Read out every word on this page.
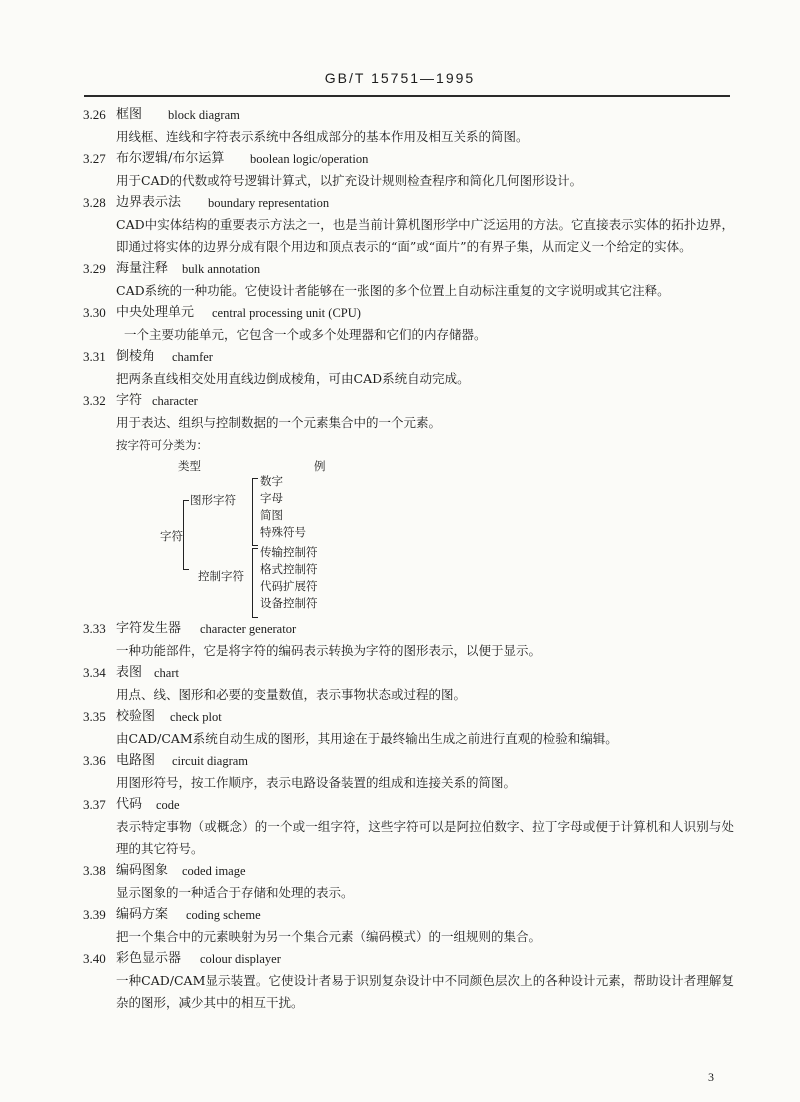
GB/T 15751—1995
3.26 框图 block diagram
用线框、连线和字符表示系统中各组成部分的基本作用及相互关系的简图。
3.27 布尔逻辑/布尔运算 boolean logic/operation
用于CAD的代数或符号逻辑计算式，以扩充设计规则检查程序和简化几何图形设计。
3.28 边界表示法 boundary representation
CAD中实体结构的重要表示方法之一，也是当前计算机图形学中广泛运用的方法。它直接表示实体的拓扑边界，即通过将实体的边界分成有限个用边和顶点表示的“面”或“面片”的有界子集，从而定义一个给定的实体。
3.29 海量注释 bulk annotation
CAD系统的一种功能。它使设计者能够在一张图的多个位置上自动标注重复的文字说明或其它注释。
3.30 中央处理单元 central processing unit (CPU)
一个主要功能单元，它包含一个或多个处理器和它们的内存储器。
3.31 倒棱角 chamfer
把两条直线相交处用直线边倒成棱角，可由CAD系统自动完成。
3.32 字符 character
用于表达、组织与控制数据的一个元素集合中的一个元素。
按字符可分类为：
类型	例
字符
图形字符
数字
字母
简图
特殊符号
控制字符
传输控制符
格式控制符
代码扩展符
设备控制符
3.33 字符发生器 character generator
一种功能部件，它是将字符的编码表示转换为字符的图形表示，以便于显示。
3.34 表图 chart
用点、线、图形和必要的变量数值，表示事物状态或过程的图。
3.35 校验图 check plot
由CAD/CAM系统自动生成的图形，其用途在于最终输出生成之前进行直观的检验和编辑。
3.36 电路图 circuit diagram
用图形符号，按工作顺序，表示电路设备装置的组成和连接关系的简图。
3.37 代码 code
表示特定事物（或概念）的一个或一组字符，这些字符可以是阿拉伯数字、拉丁字母或便于计算机和人识别与处理的其它符号。
3.38 编码图象 coded image
显示图象的一种适合于存储和处理的表示。
3.39 编码方案 coding scheme
把一个集合中的元素映射为另一个集合元素（编码模式）的一组规则的集合。
3.40 彩色显示器 colour displayer
一种CAD/CAM显示装置。它使设计者易于识别复杂设计中不同颜色层次上的各种设计元素，帮助设计者理解复杂的图形，减少其中的相互干扰。
3
